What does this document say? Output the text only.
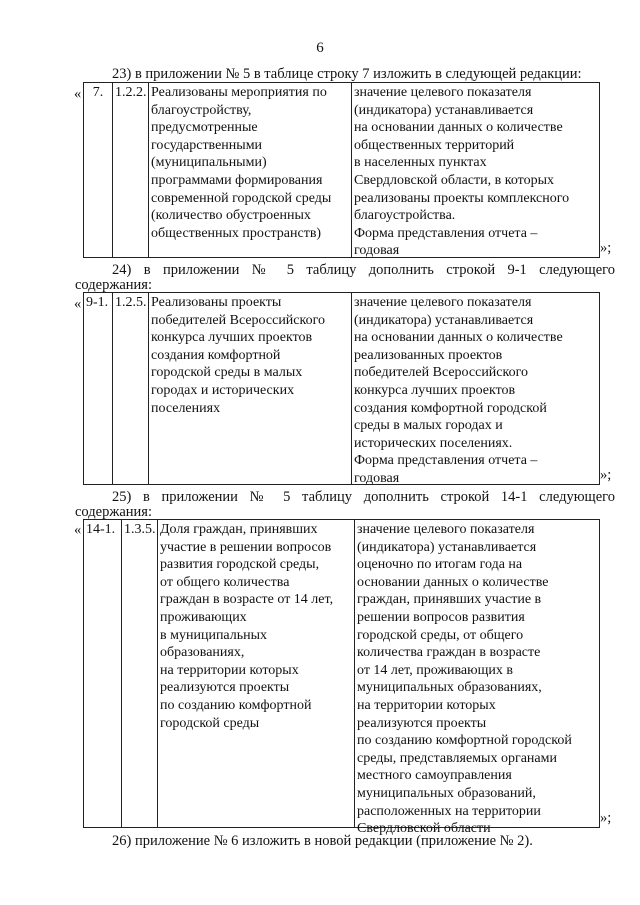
6
23) в приложении № 5 в таблице строку 7 изложить в следующей редакции:
« 7. 1.2.2. Реализованы мероприятия по
благоустройству,
предусмотренные
государственными
(муниципальными)
программами формирования
современной городской среды
(количество обустроенных
общественных пространств)
значение целевого показателя
(индикатора) устанавливается
на основании данных о количестве
общественных территорий
в населенных пунктах
Свердловской области, в которых
реализованы проекты комплексного
благоустройства.
Форма представления отчета –
годовая	»;
24) в приложении № 5 таблицу дополнить строкой 9-1 следующего
содержания:
« 9-1. 1.2.5. Реализованы проекты
победителей Всероссийского
конкурса лучших проектов
создания комфортной
городской среды в малых
городах и исторических
поселениях
значение целевого показателя
(индикатора) устанавливается
на основании данных о количестве
реализованных проектов
победителей Всероссийского
конкурса лучших проектов
создания комфортной городской
среды в малых городах и
исторических поселениях.
Форма представления отчета –
годовая	»;
25) в приложении № 5 таблицу дополнить строкой 14-1 следующего
содержания:
« 14-1. 1.3.5. Доля граждан, принявших
участие в решении вопросов
развития городской среды,
от общего количества
граждан в возрасте от 14 лет,
проживающих
в муниципальных
образованиях,
на территории которых
реализуются проекты
по созданию комфортной
городской среды
значение целевого показателя
(индикатора) устанавливается
оценочно по итогам года на
основании данных о количестве
граждан, принявших участие в
решении вопросов развития
городской среды, от общего
количества граждан в возрасте
от 14 лет, проживающих в
муниципальных образованиях,
на территории которых
реализуются проекты
по созданию комфортной городской
среды, представляемых органами
местного самоуправления
муниципальных образований,
расположенных на территории
Свердловской области
»;
26) приложение № 6 изложить в новой редакции (приложение № 2).
